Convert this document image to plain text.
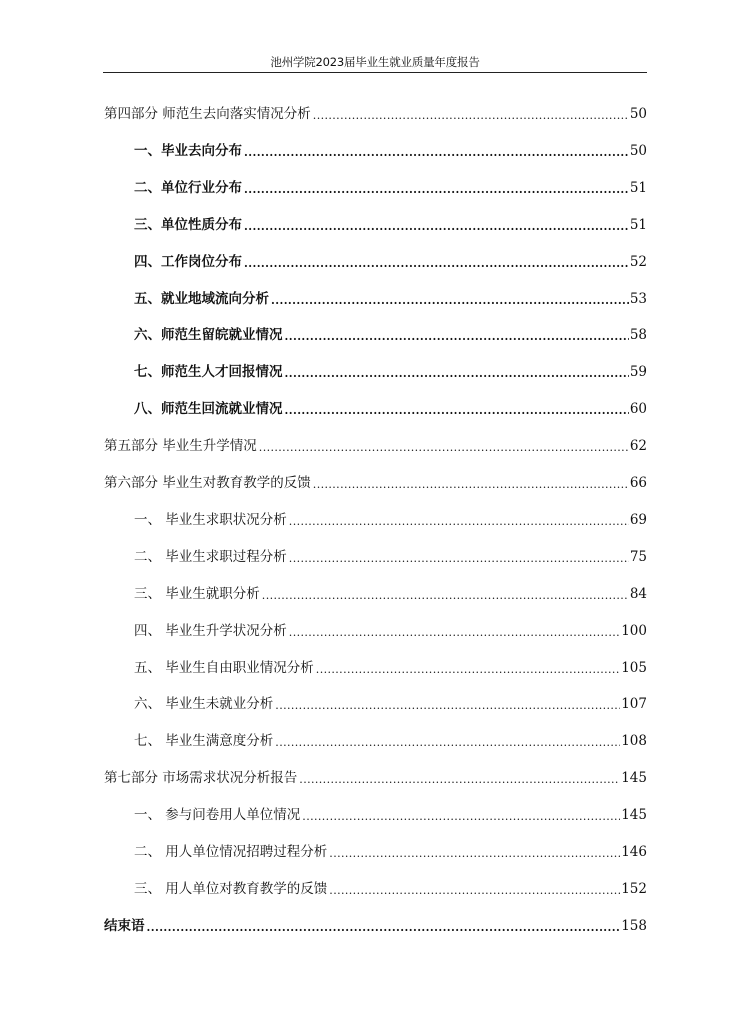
池州学院2023届毕业生就业质量年度报告
第四部分 师范生去向落实情况分析 .....	50
一、毕业去向分布 .....	50
二、单位行业分布 .....	51
三、单位性质分布 .....	51
四、工作岗位分布 .....	52
五、就业地域流向分析 .....	53
六、师范生留皖就业情况 .....	58
七、师范生人才回报情况 .....	59
八、师范生回流就业情况 .....	60
第五部分 毕业生升学情况 .....	62
第六部分 毕业生对教育教学的反馈 .....	66
一、 毕业生求职状况分析 .....	69
二、 毕业生求职过程分析 .....	75
三、 毕业生就职分析 .....	84
四、 毕业生升学状况分析 .....	100
五、 毕业生自由职业情况分析 .....	105
六、 毕业生未就业分析 .....	107
七、 毕业生满意度分析 .....	108
第七部分 市场需求状况分析报告 .....	145
一、 参与问卷用人单位情况 .....	145
二、 用人单位情况招聘过程分析 .....	146
三、 用人单位对教育教学的反馈 .....	152
结束语 .....	158
